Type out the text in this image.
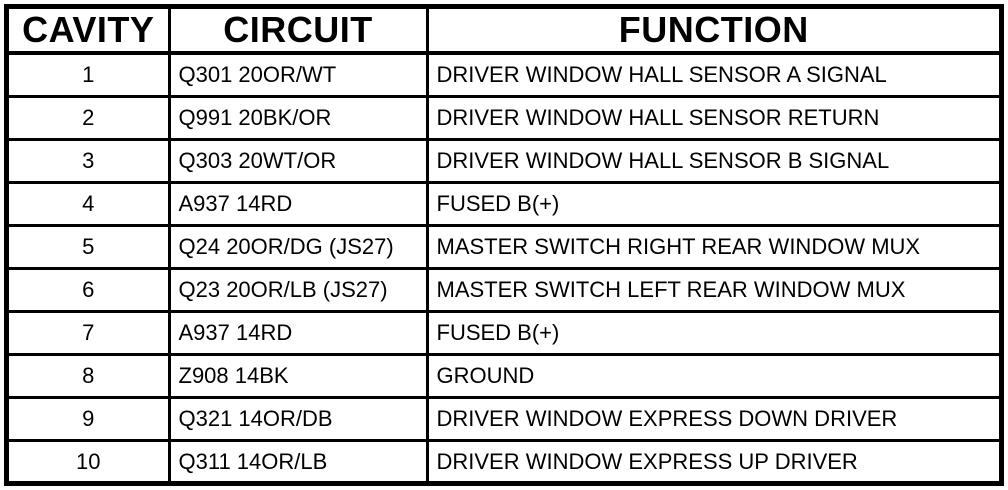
CAVITY	CIRCUIT	FUNCTION
1	Q301 20OR/WT	DRIVER WINDOW HALL SENSOR A SIGNAL
2	Q991 20BK/OR	DRIVER WINDOW HALL SENSOR RETURN
3	Q303 20WT/OR	DRIVER WINDOW HALL SENSOR B SIGNAL
4	A937 14RD	FUSED B(+)
5	Q24 20OR/DG (JS27)	MASTER SWITCH RIGHT REAR WINDOW MUX
6	Q23 20OR/LB (JS27)	MASTER SWITCH LEFT REAR WINDOW MUX
7	A937 14RD	FUSED B(+)
8	Z908 14BK	GROUND
9	Q321 14OR/DB	DRIVER WINDOW EXPRESS DOWN DRIVER
10	Q311 14OR/LB	DRIVER WINDOW EXPRESS UP DRIVER
